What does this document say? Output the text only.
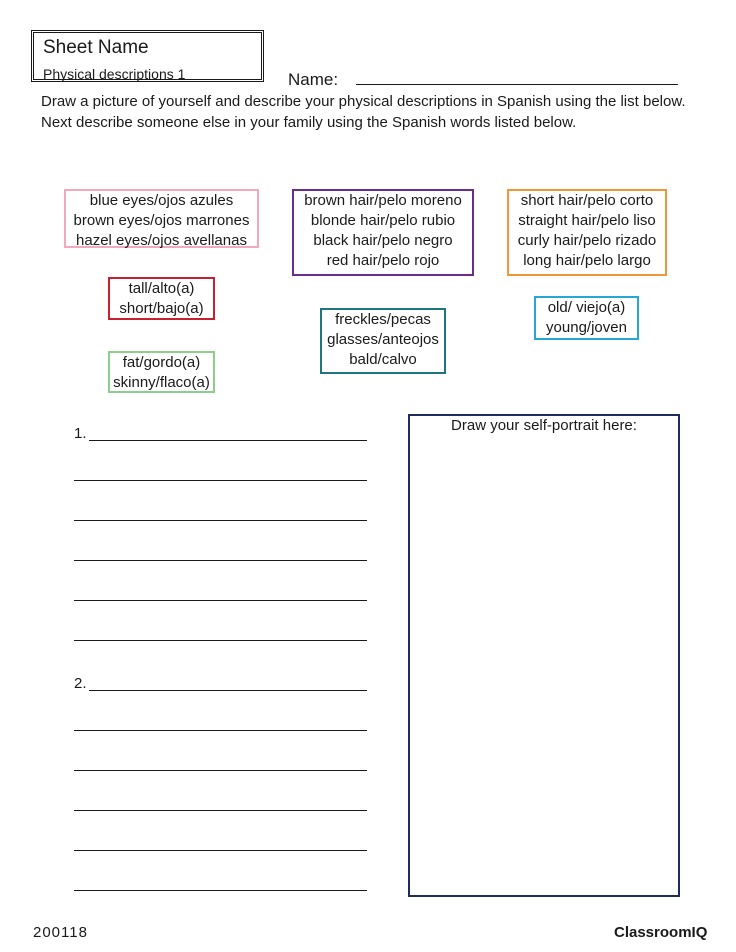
Sheet Name
Physical descriptions 1	Name:
Draw a picture of yourself and describe your physical descriptions in Spanish using the list below.
Next describe someone else in your family using the Spanish words listed below.
blue eyes/ojos azules
brown eyes/ojos marrones
hazel eyes/ojos avellanas
brown hair/pelo moreno
blonde hair/pelo rubio
black hair/pelo negro
red hair/pelo rojo
short hair/pelo corto
straight hair/pelo liso
curly hair/pelo rizado
long hair/pelo largo
tall/alto(a)
short/bajo(a)
freckles/pecas
glasses/anteojos
bald/calvo
old/ viejo(a)
young/joven
fat/gordo(a)
skinny/flaco(a)
1.
2.
Draw your self-portrait here:
200118	ClassroomIQ
